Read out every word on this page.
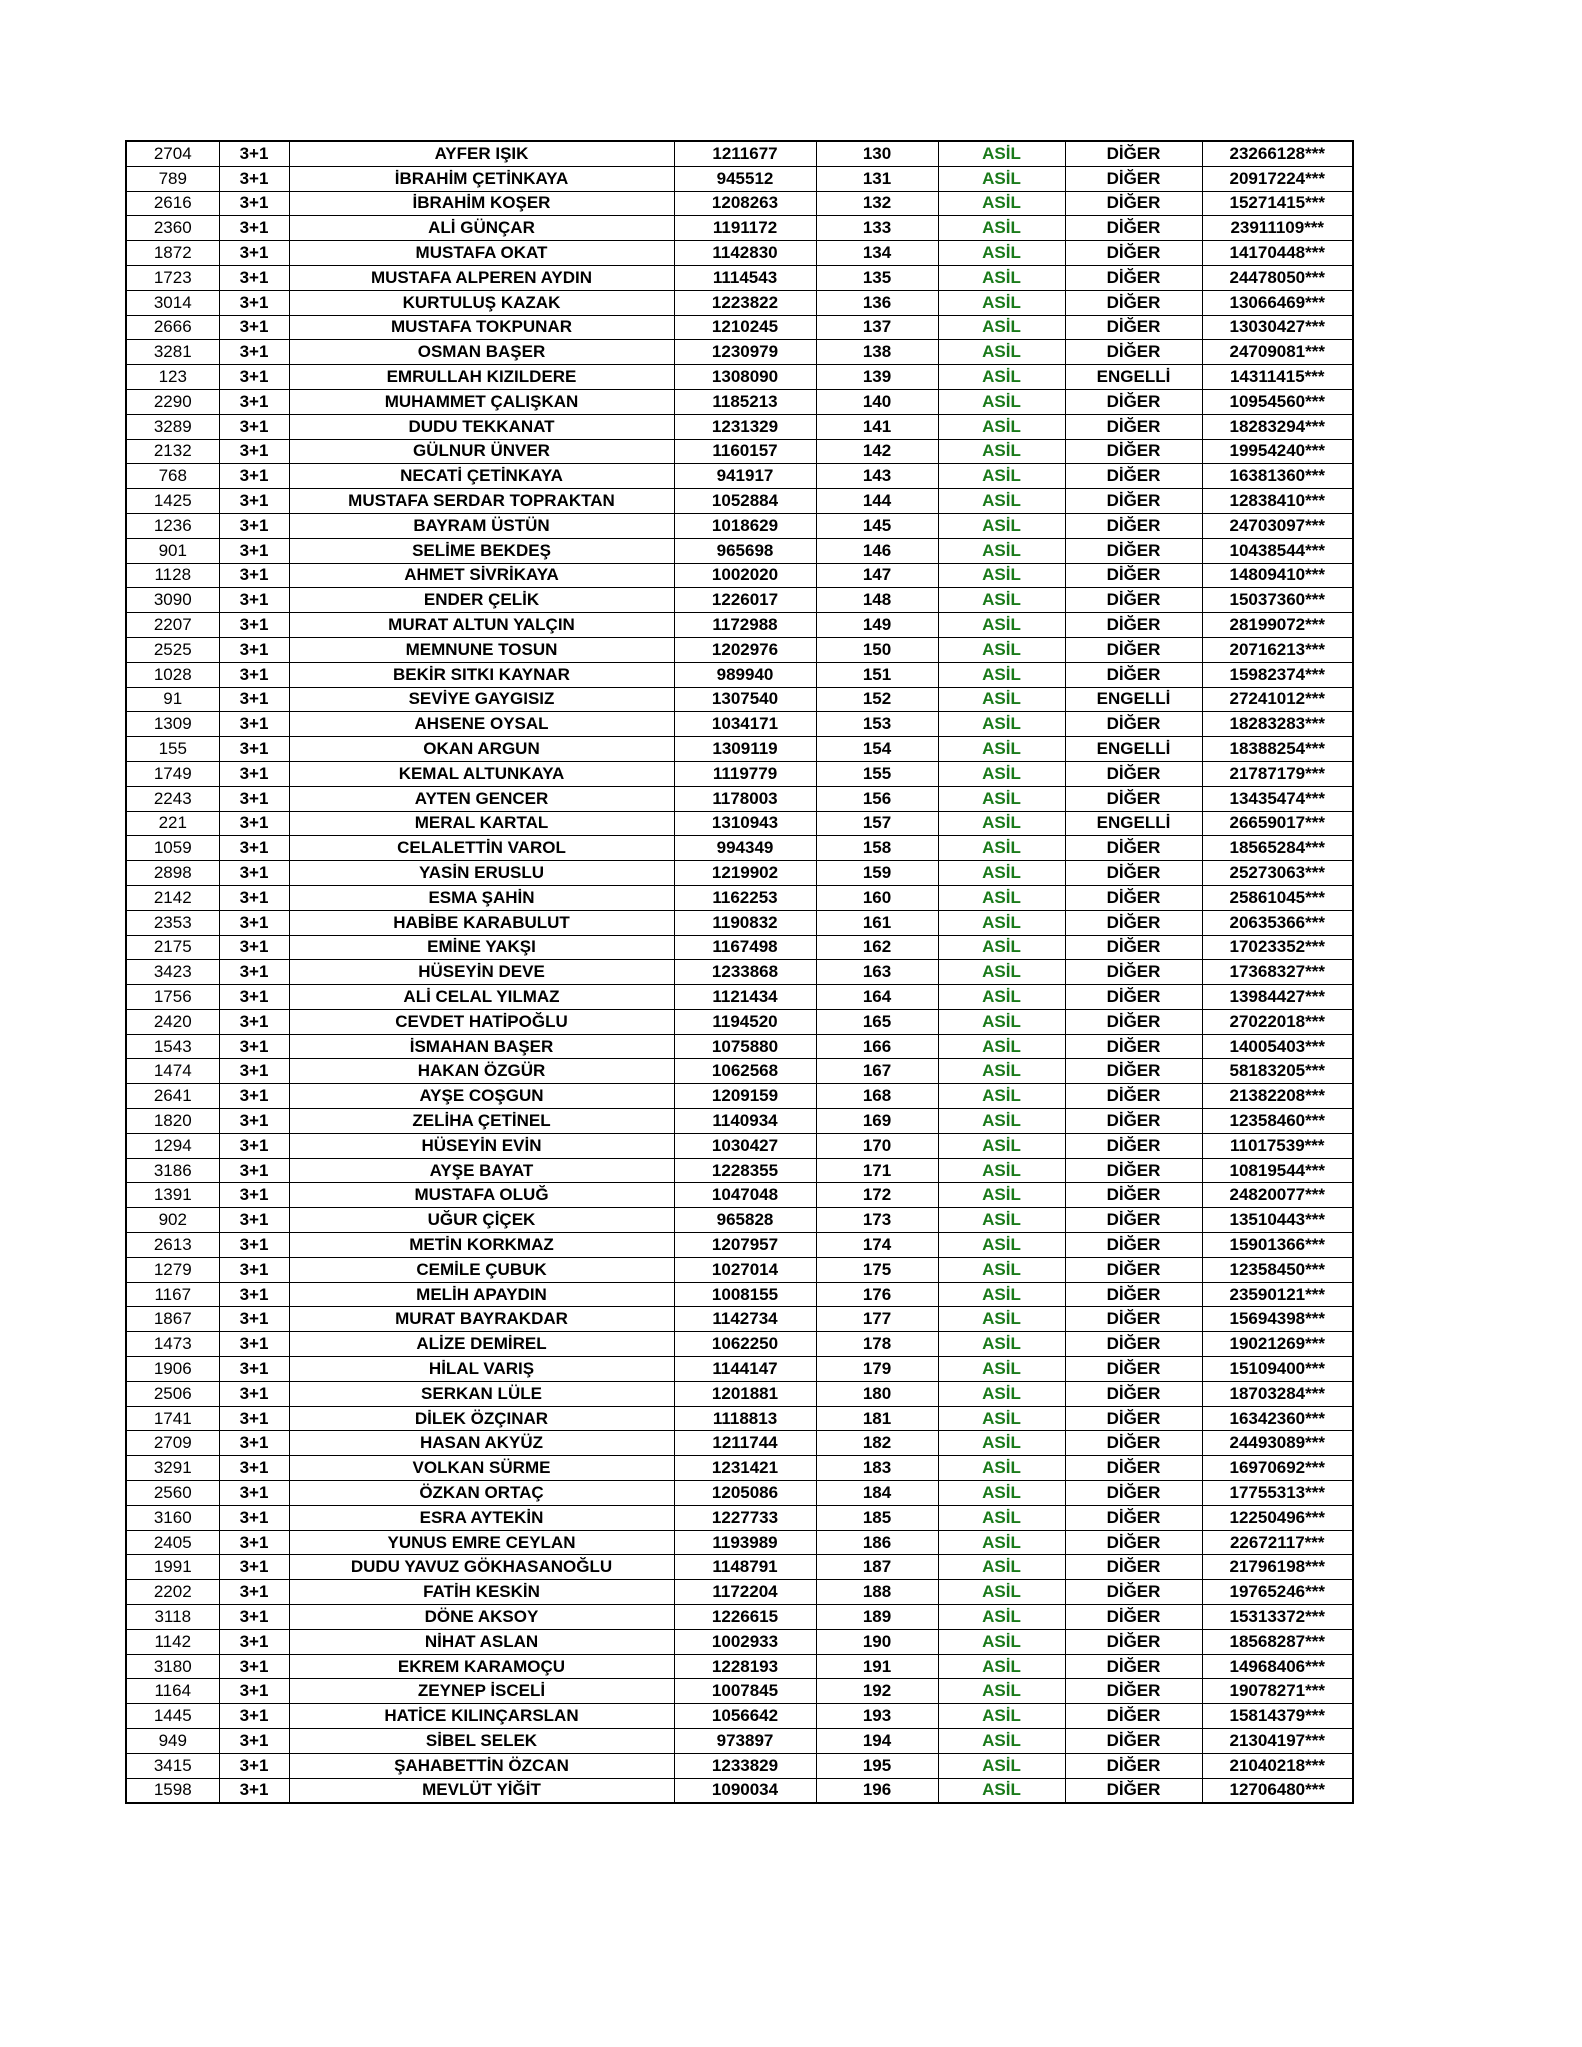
2704	3+1	AYFER IŞIK	1211677	130	ASİL	DİĞER	23266128***
789	3+1	İBRAHİM ÇETİNKAYA	945512	131	ASİL	DİĞER	20917224***
2616	3+1	İBRAHİM KOŞER	1208263	132	ASİL	DİĞER	15271415***
2360	3+1	ALİ GÜNÇAR	1191172	133	ASİL	DİĞER	23911109***
1872	3+1	MUSTAFA OKAT	1142830	134	ASİL	DİĞER	14170448***
1723	3+1	MUSTAFA ALPEREN AYDIN	1114543	135	ASİL	DİĞER	24478050***
3014	3+1	KURTULUŞ KAZAK	1223822	136	ASİL	DİĞER	13066469***
2666	3+1	MUSTAFA TOKPUNAR	1210245	137	ASİL	DİĞER	13030427***
3281	3+1	OSMAN BAŞER	1230979	138	ASİL	DİĞER	24709081***
123	3+1	EMRULLAH KIZILDERE	1308090	139	ASİL	ENGELLİ	14311415***
2290	3+1	MUHAMMET ÇALIŞKAN	1185213	140	ASİL	DİĞER	10954560***
3289	3+1	DUDU TEKKANAT	1231329	141	ASİL	DİĞER	18283294***
2132	3+1	GÜLNUR ÜNVER	1160157	142	ASİL	DİĞER	19954240***
768	3+1	NECATİ ÇETİNKAYA	941917	143	ASİL	DİĞER	16381360***
1425	3+1	MUSTAFA SERDAR TOPRAKTAN	1052884	144	ASİL	DİĞER	12838410***
1236	3+1	BAYRAM ÜSTÜN	1018629	145	ASİL	DİĞER	24703097***
901	3+1	SELİME BEKDEŞ	965698	146	ASİL	DİĞER	10438544***
1128	3+1	AHMET SİVRİKAYA	1002020	147	ASİL	DİĞER	14809410***
3090	3+1	ENDER ÇELİK	1226017	148	ASİL	DİĞER	15037360***
2207	3+1	MURAT ALTUN YALÇIN	1172988	149	ASİL	DİĞER	28199072***
2525	3+1	MEMNUNE TOSUN	1202976	150	ASİL	DİĞER	20716213***
1028	3+1	BEKİR SITKI KAYNAR	989940	151	ASİL	DİĞER	15982374***
91	3+1	SEVİYE GAYGISIZ	1307540	152	ASİL	ENGELLİ	27241012***
1309	3+1	AHSENE OYSAL	1034171	153	ASİL	DİĞER	18283283***
155	3+1	OKAN ARGUN	1309119	154	ASİL	ENGELLİ	18388254***
1749	3+1	KEMAL ALTUNKAYA	1119779	155	ASİL	DİĞER	21787179***
2243	3+1	AYTEN GENCER	1178003	156	ASİL	DİĞER	13435474***
221	3+1	MERAL KARTAL	1310943	157	ASİL	ENGELLİ	26659017***
1059	3+1	CELALETTİN VAROL	994349	158	ASİL	DİĞER	18565284***
2898	3+1	YASİN ERUSLU	1219902	159	ASİL	DİĞER	25273063***
2142	3+1	ESMA ŞAHİN	1162253	160	ASİL	DİĞER	25861045***
2353	3+1	HABİBE KARABULUT	1190832	161	ASİL	DİĞER	20635366***
2175	3+1	EMİNE YAKŞI	1167498	162	ASİL	DİĞER	17023352***
3423	3+1	HÜSEYİN DEVE	1233868	163	ASİL	DİĞER	17368327***
1756	3+1	ALİ CELAL YILMAZ	1121434	164	ASİL	DİĞER	13984427***
2420	3+1	CEVDET HATİPOĞLU	1194520	165	ASİL	DİĞER	27022018***
1543	3+1	İSMAHAN BAŞER	1075880	166	ASİL	DİĞER	14005403***
1474	3+1	HAKAN ÖZGÜR	1062568	167	ASİL	DİĞER	58183205***
2641	3+1	AYŞE COŞGUN	1209159	168	ASİL	DİĞER	21382208***
1820	3+1	ZELİHA ÇETİNEL	1140934	169	ASİL	DİĞER	12358460***
1294	3+1	HÜSEYİN EVİN	1030427	170	ASİL	DİĞER	11017539***
3186	3+1	AYŞE BAYAT	1228355	171	ASİL	DİĞER	10819544***
1391	3+1	MUSTAFA OLUĞ	1047048	172	ASİL	DİĞER	24820077***
902	3+1	UĞUR ÇİÇEK	965828	173	ASİL	DİĞER	13510443***
2613	3+1	METİN KORKMAZ	1207957	174	ASİL	DİĞER	15901366***
1279	3+1	CEMİLE ÇUBUK	1027014	175	ASİL	DİĞER	12358450***
1167	3+1	MELİH APAYDIN	1008155	176	ASİL	DİĞER	23590121***
1867	3+1	MURAT BAYRAKDAR	1142734	177	ASİL	DİĞER	15694398***
1473	3+1	ALİZE DEMİREL	1062250	178	ASİL	DİĞER	19021269***
1906	3+1	HİLAL VARIŞ	1144147	179	ASİL	DİĞER	15109400***
2506	3+1	SERKAN LÜLE	1201881	180	ASİL	DİĞER	18703284***
1741	3+1	DİLEK ÖZÇINAR	1118813	181	ASİL	DİĞER	16342360***
2709	3+1	HASAN AKYÜZ	1211744	182	ASİL	DİĞER	24493089***
3291	3+1	VOLKAN SÜRME	1231421	183	ASİL	DİĞER	16970692***
2560	3+1	ÖZKAN ORTAÇ	1205086	184	ASİL	DİĞER	17755313***
3160	3+1	ESRA AYTEKİN	1227733	185	ASİL	DİĞER	12250496***
2405	3+1	YUNUS EMRE CEYLAN	1193989	186	ASİL	DİĞER	22672117***
1991	3+1	DUDU YAVUZ GÖKHASANOĞLU	1148791	187	ASİL	DİĞER	21796198***
2202	3+1	FATİH KESKİN	1172204	188	ASİL	DİĞER	19765246***
3118	3+1	DÖNE AKSOY	1226615	189	ASİL	DİĞER	15313372***
1142	3+1	NİHAT ASLAN	1002933	190	ASİL	DİĞER	18568287***
3180	3+1	EKREM KARAMOÇU	1228193	191	ASİL	DİĞER	14968406***
1164	3+1	ZEYNEP İSCELİ	1007845	192	ASİL	DİĞER	19078271***
1445	3+1	HATİCE KILINÇARSLAN	1056642	193	ASİL	DİĞER	15814379***
949	3+1	SİBEL SELEK	973897	194	ASİL	DİĞER	21304197***
3415	3+1	ŞAHABETTİN ÖZCAN	1233829	195	ASİL	DİĞER	21040218***
1598	3+1	MEVLÜT YİĞİT	1090034	196	ASİL	DİĞER	12706480***
